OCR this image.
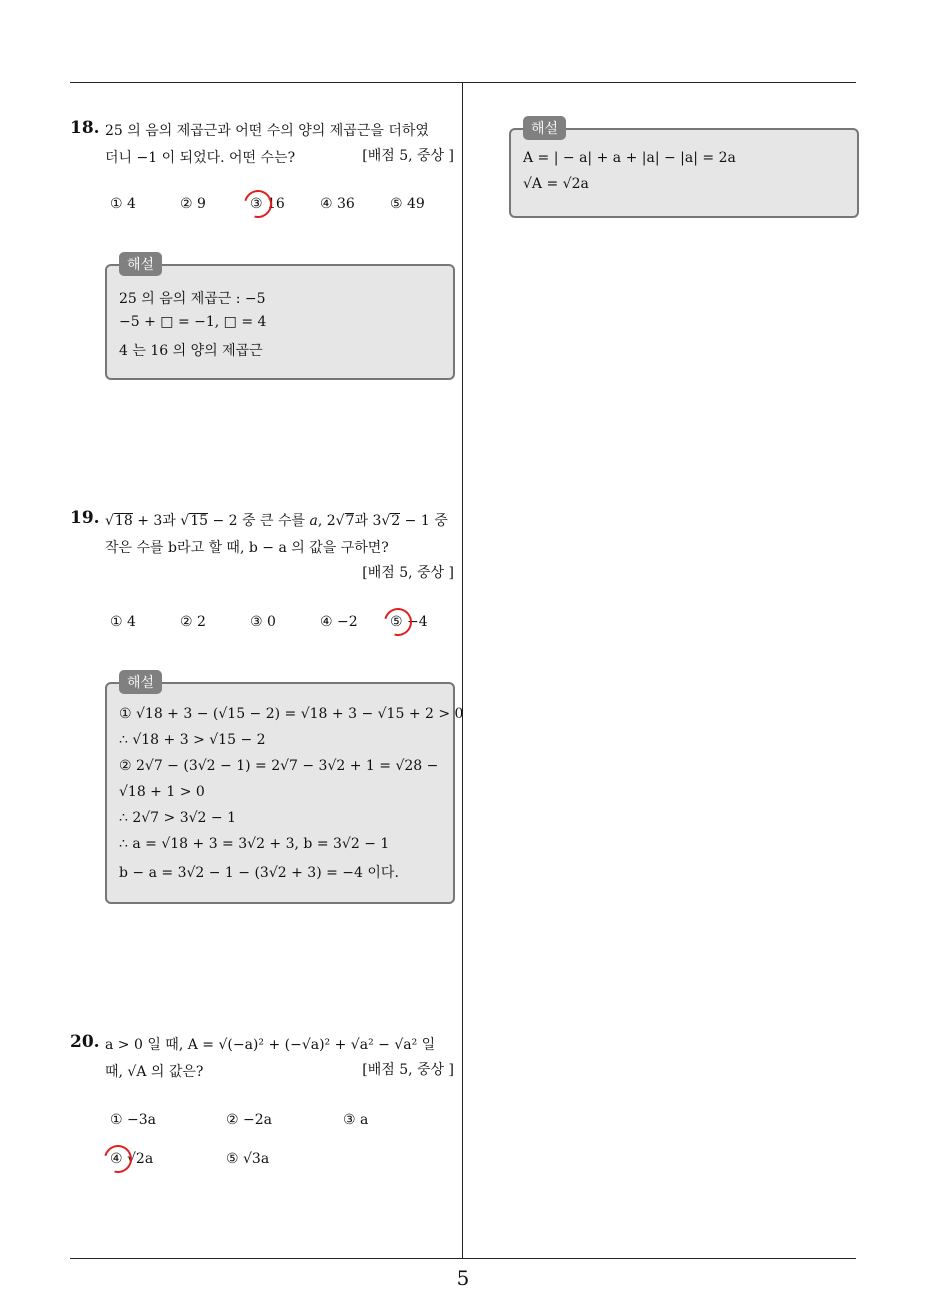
5
18. 25 의 음의 제곱근과 어떤 수의 양의 제곱근을 더하였
더니 −1 이 되었다. 어떤 수는?	[배점 5, 중상 ]
① 4	② 9	③ 16	④ 36	⑤ 49
해설
25 의 음의 제곱근 : −5
−5 + □ = −1, □ = 4
4 는 16 의 양의 제곱근
19. √18 + 3과 √15 − 2 중 큰 수를 a, 2√7과 3√2 − 1 중
작은 수를 b라고 할 때, b − a 의 값을 구하면?
[배점 5, 중상 ]
① 4	② 2	③ 0	④ −2 ⑤ −4
해설
① √18 + 3 − (√15 − 2) = √18 + 3 − √15 + 2 > 0
∴ √18 + 3 > √15 − 2
② 2√7 − (3√2 − 1) = 2√7 − 3√2 + 1 = √28 −
√18 + 1 > 0
∴ 2√7 > 3√2 − 1
∴ a = √18 + 3 = 3√2 + 3, b = 3√2 − 1
b − a = 3√2 − 1 − (3√2 + 3) = −4 이다.
20. a > 0 일 때, A = √(−a)² + (−√a)² + √a² − √a² 일
때, √A 의 값은?	[배점 5, 중상 ]
① −3a	② −2a	③ a
④ √2a	⑤ √3a
해설
A = | − a| + a + |a| − |a| = 2a
√A = √2a
